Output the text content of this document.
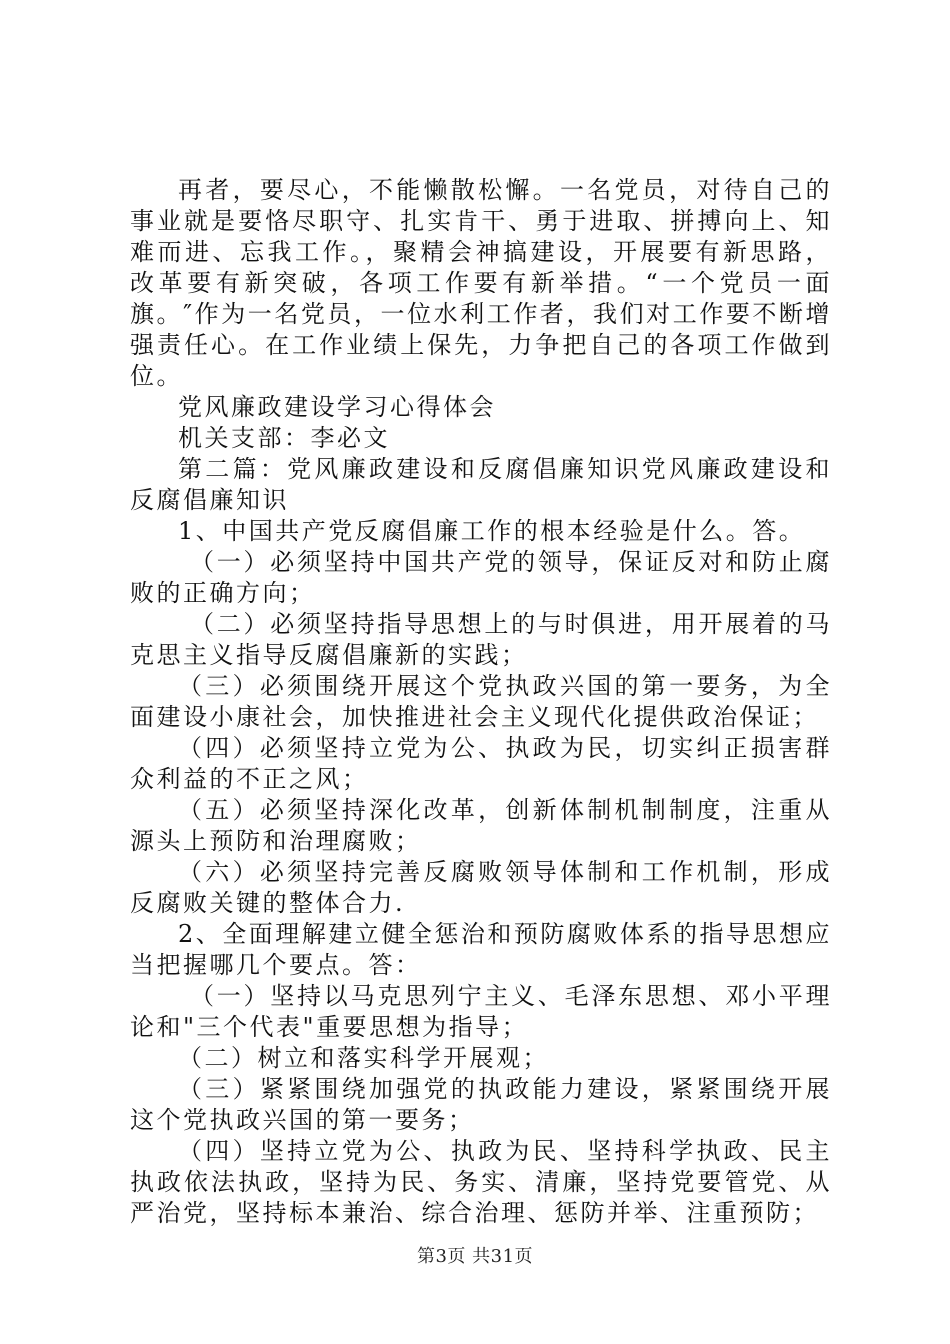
再者，要尽心，不能懒散松懈。一名党员，对待自己的事业就是要恪尽职守、扎实肯干、勇于进取、拼搏向上、知难而进、忘我工作。，聚精会神搞建设，开展要有新思路，改革要有新突破，各项工作要有新举措。“一个党员一面旗。″作为一名党员，一位水利工作者，我们对工作要不断增强责任心。在工作业绩上保先，力争把自己的各项工作做到位。

党风廉政建设学习心得体会

机关支部：李必文

第二篇：党风廉政建设和反腐倡廉知识党风廉政建设和反腐倡廉知识

1、中国共产党反腐倡廉工作的根本经验是什么。答。

（一）必须坚持中国共产党的领导，保证反对和防止腐败的正确方向；

（二）必须坚持指导思想上的与时俱进，用开展着的马克思主义指导反腐倡廉新的实践；

（三）必须围绕开展这个党执政兴国的第一要务，为全面建设小康社会，加快推进社会主义现代化提供政治保证；

（四）必须坚持立党为公、执政为民，切实纠正损害群众利益的不正之风；

（五）必须坚持深化改革，创新体制机制制度，注重从源头上预防和治理腐败；

（六）必须坚持完善反腐败领导体制和工作机制，形成反腐败关键的整体合力.

2、全面理解建立健全惩治和预防腐败体系的指导思想应当把握哪几个要点。答：

（一）坚持以马克思列宁主义、毛泽东思想、邓小平理论和"三个代表"重要思想为指导；

（二）树立和落实科学开展观；

（三）紧紧围绕加强党的执政能力建设，紧紧围绕开展这个党执政兴国的第一要务；

（四）坚持立党为公、执政为民、坚持科学执政、民主执政依法执政，坚持为民、务实、清廉，坚持党要管党、从严治党，坚持标本兼治、综合治理、惩防并举、注重预防；

第3页 共31页
